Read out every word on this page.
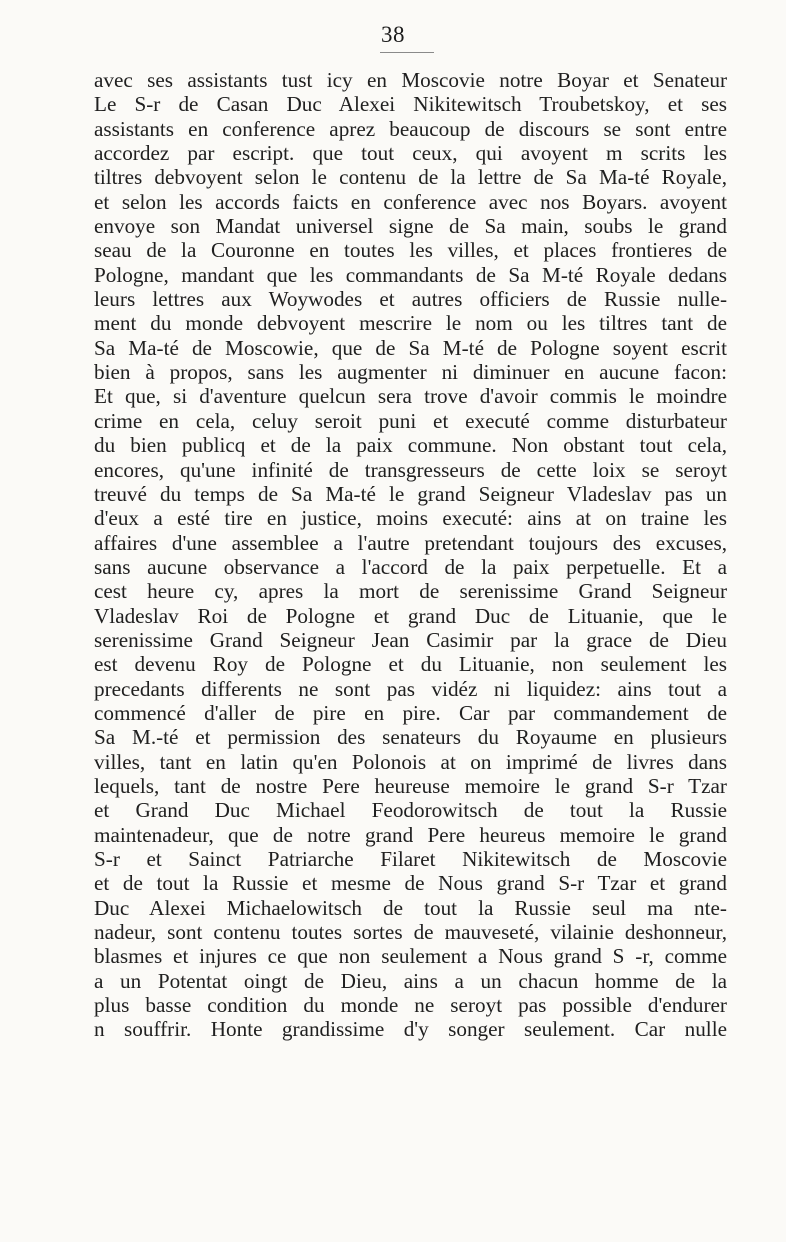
38
avec ses assistants tust icy en Moscovie notre Boyar et Senateur
Le S-r de Casan Duc Alexei Nikitewitsch Troubetskoy, et ses
assistants en conference aprez beaucoup de discours se sont entre
accordez par escript. que tout ceux, qui avoyent m scrits les
tiltres debvoyent selon le contenu de la lettre de Sa Ma-té Royale,
et selon les accords faicts en conference avec nos Boyars. avoyent
envoye son Mandat universel signe de Sa main, soubs le grand
seau de la Couronne en toutes les villes, et places frontieres de
Pologne, mandant que les commandants de Sa M-té Royale dedans
leurs lettres aux Woywodes et autres officiers de Russie nulle-
ment du monde debvoyent mescrire le nom ou les tiltres tant de
Sa Ma-té de Moscowie, que de Sa M-té de Pologne soyent escrit
bien à propos, sans les augmenter ni diminuer en aucune facon:
Et que, si d'aventure quelcun sera trove d'avoir commis le moindre
crime en cela, celuy seroit puni et executé comme disturbateur
du bien publicq et de la paix commune. Non obstant tout cela,
encores, qu'une infinité de transgresseurs de cette loix se seroyt
treuvé du temps de Sa Ma-té le grand Seigneur Vladeslav pas un
d'eux a esté tire en justice, moins executé: ains at on traine les
affaires d'une assemblee a l'autre pretendant toujours des excuses,
sans aucune observance a l'accord de la paix perpetuelle. Et a
cest heure cy, apres la mort de serenissime Grand Seigneur
Vladeslav Roi de Pologne et grand Duc de Lituanie, que le
serenissime Grand Seigneur Jean Casimir par la grace de Dieu
est devenu Roy de Pologne et du Lituanie, non seulement les
precedants differents ne sont pas vidéz ni liquidez: ains tout a
commencé d'aller de pire en pire. Car par commandement de
Sa M.-té et permission des senateurs du Royaume en plusieurs
villes, tant en latin qu'en Polonois at on imprimé de livres dans
lequels, tant de nostre Pere heureuse memoire le grand S-r Tzar
et Grand Duc Michael Feodorowitsch de tout la Russie
maintenadeur, que de notre grand Pere heureus memoire le grand
S-r et Sainct Patriarche Filaret Nikitewitsch de Moscovie
et de tout la Russie et mesme de Nous grand S-r Tzar et grand
Duc Alexei Michaelowitsch de tout la Russie seul ma nte-
nadeur, sont contenu toutes sortes de mauveseté, vilainie deshonneur,
blasmes et injures ce que non seulement a Nous grand S -r, comme
a un Potentat oingt de Dieu, ains a un chacun homme de la
plus basse condition du monde ne seroyt pas possible d'endurer
n souffrir. Honte grandissime d'y songer seulement. Car nulle
